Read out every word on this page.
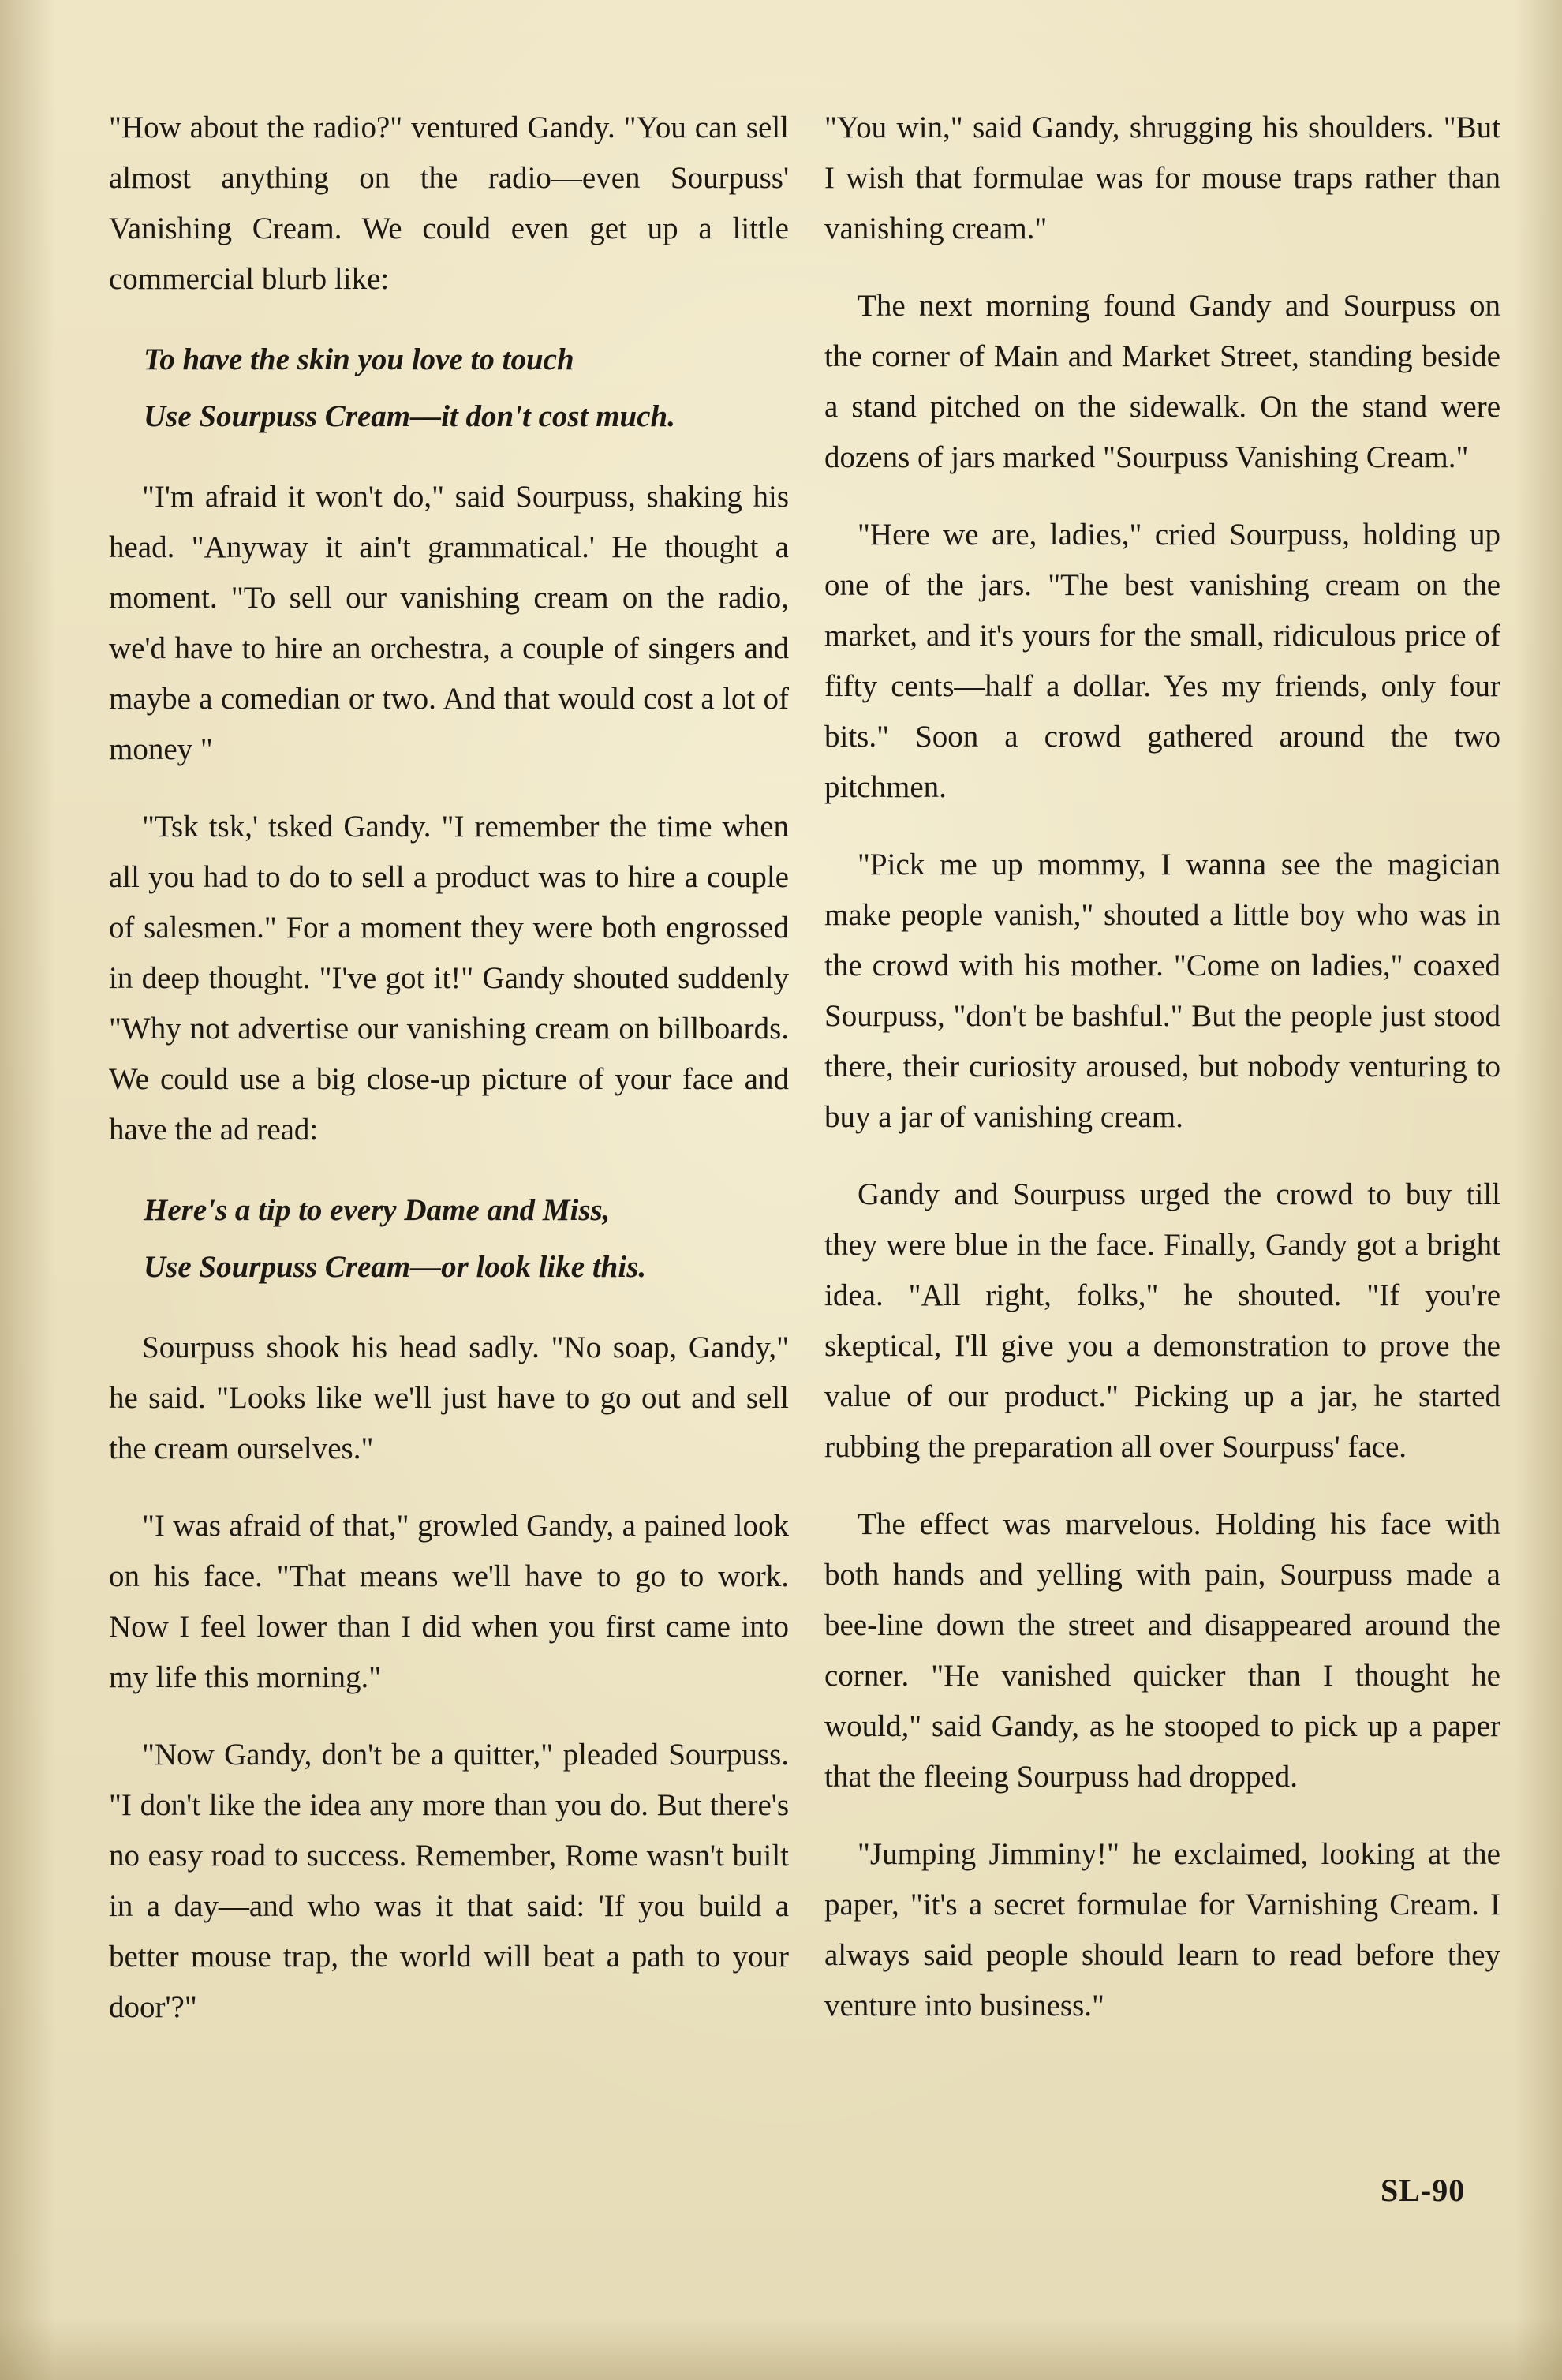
"How about the radio?" ventured Gandy. "You can sell almost anything on the radio—even Sourpuss' Vanishing Cream. We could even get up a little commercial blurb like:

To have the skin you love to touch
Use Sourpuss Cream—it don't cost much.

"I'm afraid it won't do," said Sourpuss, shaking his head. "Anyway it ain't grammatical.' He thought a moment. "To sell our vanishing cream on the radio, we'd have to hire an orchestra, a couple of singers and maybe a comedian or two. And that would cost a lot of money "

"Tsk tsk,' tsked Gandy. "I remember the time when all you had to do to sell a product was to hire a couple of salesmen." For a moment they were both engrossed in deep thought. "I've got it!" Gandy shouted suddenly "Why not advertise our vanishing cream on billboards. We could use a big close-up picture of your face and have the ad read:

Here's a tip to every Dame and Miss,
Use Sourpuss Cream—or look like this.

Sourpuss shook his head sadly. "No soap, Gandy," he said. "Looks like we'll just have to go out and sell the cream ourselves."

"I was afraid of that," growled Gandy, a pained look on his face. "That means we'll have to go to work. Now I feel lower than I did when you first came into my life this morning."

"Now Gandy, don't be a quitter," pleaded Sourpuss. "I don't like the idea any more than you do. But there's no easy road to success. Remember, Rome wasn't built in a day—and who was it that said: 'If you build a better mouse trap, the world will beat a path to your door'?"

"You win," said Gandy, shrugging his shoulders. "But I wish that formulae was for mouse traps rather than vanishing cream."

The next morning found Gandy and Sourpuss on the corner of Main and Market Street, standing beside a stand pitched on the sidewalk. On the stand were dozens of jars marked "Sourpuss Vanishing Cream."

"Here we are, ladies," cried Sourpuss, holding up one of the jars. "The best vanishing cream on the market, and it's yours for the small, ridiculous price of fifty cents—half a dollar. Yes my friends, only four bits." Soon a crowd gathered around the two pitchmen.

"Pick me up mommy, I wanna see the magician make people vanish," shouted a little boy who was in the crowd with his mother. "Come on ladies," coaxed Sourpuss, "don't be bashful." But the people just stood there, their curiosity aroused, but nobody venturing to buy a jar of vanishing cream.

Gandy and Sourpuss urged the crowd to buy till they were blue in the face. Finally, Gandy got a bright idea. "All right, folks," he shouted. "If you're skeptical, I'll give you a demonstration to prove the value of our product." Picking up a jar, he started rubbing the preparation all over Sourpuss' face.

The effect was marvelous. Holding his face with both hands and yelling with pain, Sourpuss made a bee-line down the street and disappeared around the corner. "He vanished quicker than I thought he would," said Gandy, as he stooped to pick up a paper that the fleeing Sourpuss had dropped.

"Jumping Jimminy!" he exclaimed, looking at the paper, "it's a secret formulae for Varnishing Cream. I always said people should learn to read before they venture into business."

SL-90
